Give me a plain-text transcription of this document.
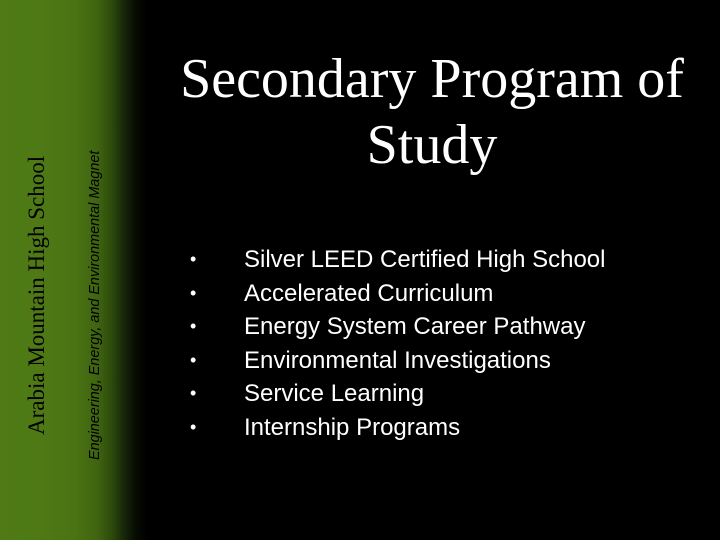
Arabia Mountain High School	Engineering, Energy, and Environmental Magnet
Secondary Program of Study
• Silver LEED Certified High School
• Accelerated Curriculum
• Energy System Career Pathway
• Environmental Investigations
• Service Learning
• Internship Programs
